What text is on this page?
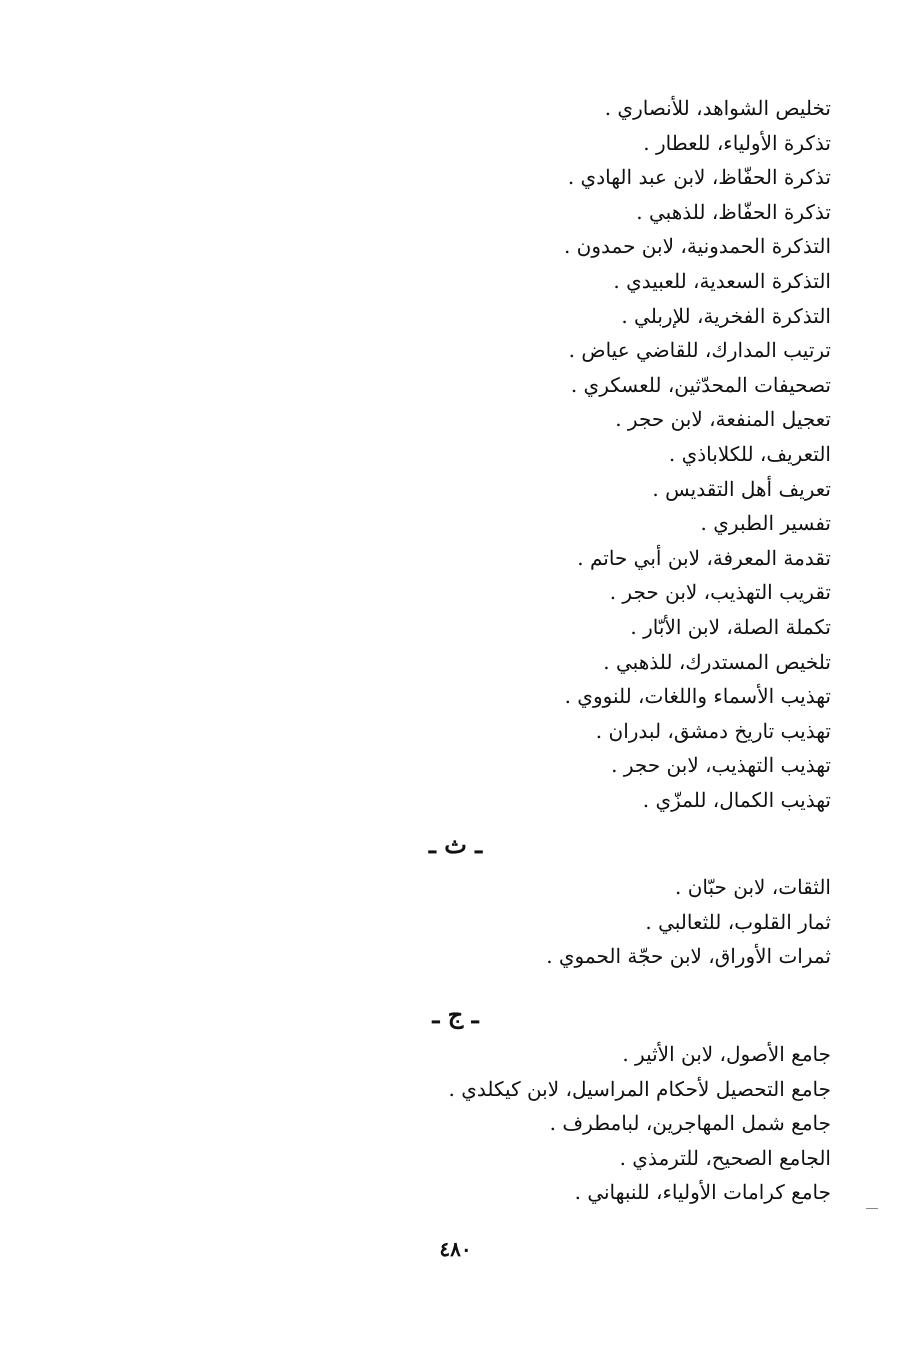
تخليص الشواهد، للأنصاري .
تذكرة الأولياء، للعطار .
تذكرة الحفّاظ، لابن عبد الهادي .
تذكرة الحفّاظ، للذهبي .
التذكرة الحمدونية، لابن حمدون .
التذكرة السعدية، للعبيدي .
التذكرة الفخرية، للإربلي .
ترتيب المدارك، للقاضي عياض .
تصحيفات المحدّثين، للعسكري .
تعجيل المنفعة، لابن حجر .
التعريف، للكلاباذي .
تعريف أهل التقديس .
تفسير الطبري .
تقدمة المعرفة، لابن أبي حاتم .
تقريب التهذيب، لابن حجر .
تكملة الصلة، لابن الأبّار .
تلخيص المستدرك، للذهبي .
تهذيب الأسماء واللغات، للنووي .
تهذيب تاريخ دمشق، لبدران .
تهذيب التهذيب، لابن حجر .
تهذيب الكمال، للمزّي .
ـ ث ـ
الثقات، لابن حبّان .
ثمار القلوب، للثعالبي .
ثمرات الأوراق، لابن حجّة الحموي .
ـ ج ـ
جامع الأصول، لابن الأثير .
جامع التحصيل لأحكام المراسيل، لابن كيكلدي .
جامع شمل المهاجرين، لبامطرف .
الجامع الصحيح، للترمذي .
جامع كرامات الأولياء، للنبهاني .
٤٨٠
